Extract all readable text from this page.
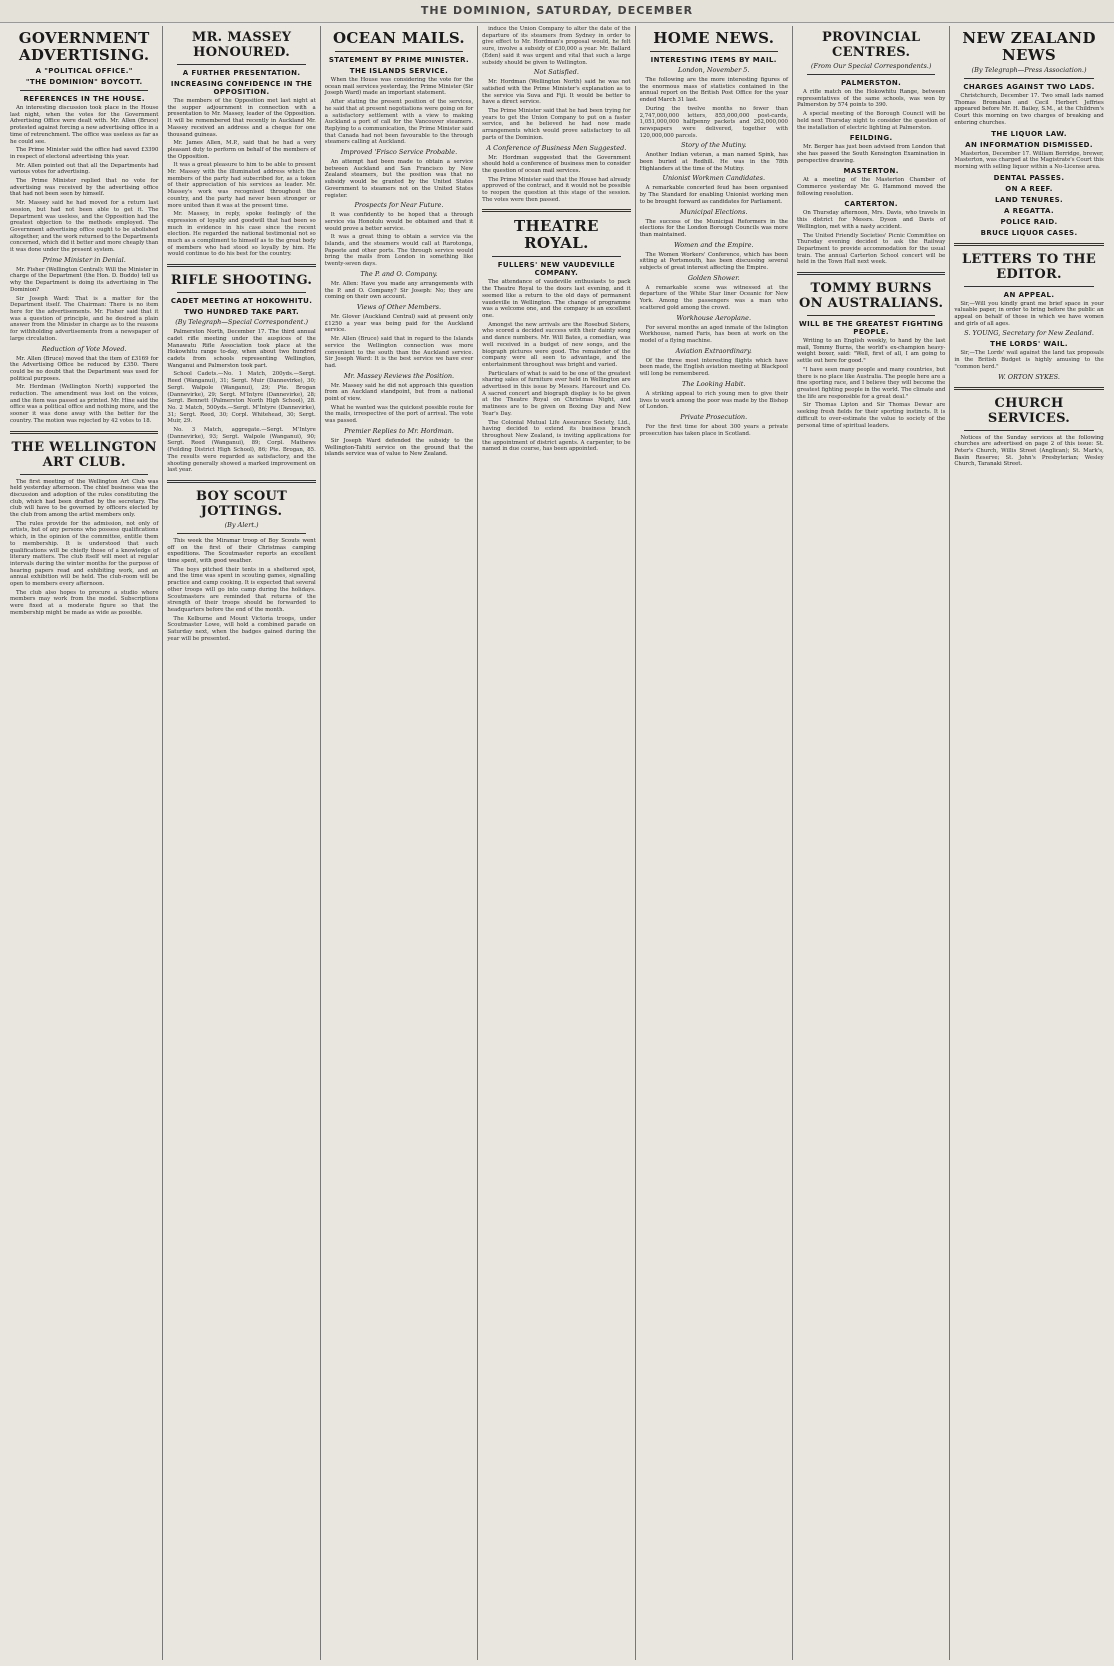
THE DOMINION, SATURDAY, DECEMBER
GOVERNMENT ADVERTISING.
A "POLITICAL OFFICE."
"THE DOMINION" BOYCOTT.
REFERENCES IN THE HOUSE.

An interesting discussion took place in the House last night, when the votes for the Government Advertising Office were dealt with. Mr. Allen (Bruce) protested against forcing a new advertising office in a time of retrenchment. The office was useless as far as he could see.

The Prime Minister said the office had saved £3390 in respect of electoral advertising this year.

Mr. Allen pointed out that all the Departments had various votes for advertising.

The Prime Minister replied that no vote for advertising was received by the advertising office that had not been seen by himself.

Mr. Massey said he had moved for a return last session, but had not been able to get it. The Department was useless, and the Opposition had the greatest objection to the methods employed. The Government advertising office ought to be abolished altogether, and the work returned to the Departments concerned, which did it better and more cheaply than it was done under the present system.

Prime Minister in Denial.

Mr. Fisher (Wellington Central): Will the Minister in charge of the Department (the Hon. D. Buddo) tell us why the Department is doing its advertising in The Dominion?

Sir Joseph Ward: That is a matter for the Department itself. The Chairman: There is no item here for the advertisements. Mr. Fisher said that it was a question of principle, and he desired a plain answer from the Minister in charge as to the reasons for withholding advertisements from a newspaper of large circulation.

Reduction of Vote Moved.

Mr. Allen (Bruce) moved that the item of £3169 for the Advertising Office be reduced by £350. There could be no doubt that the Department was used for political purposes.

Mr. Herdman (Wellington North) supported the reduction. The amendment was lost on the voices, and the item was passed as printed. Mr. Hine said the office was a political office and nothing more, and the sooner it was done away with the better for the country. The motion was rejected by 42 votes to 18.

THE WELLINGTON ART CLUB.

The first meeting of the Wellington Art Club was held yesterday afternoon. The chief business was the discussion and adoption of the rules constituting the club, which had been drafted by the secretary. The club will have to be governed by officers elected by the club from among the artist members only.

The rules provide for the admission, not only of artists, but of any persons who possess qualifications which, in the opinion of the committee, entitle them to membership. It is understood that such qualifications will be chiefly those of a knowledge of literary matters. The club itself will meet at regular intervals during the winter months for the purpose of hearing papers read and exhibiting work, and an annual exhibition will be held. The club-room will be open to members every afternoon.

The club also hopes to procure a studio where members may work from the model. Subscriptions were fixed at a moderate figure so that the membership might be made as wide as possible.

MR. MASSEY HONOURED.
A FURTHER PRESENTATION.
INCREASING CONFIDENCE IN THE OPPOSITION.

The members of the Opposition met last night at the supper adjournment in connection with a presentation to Mr. Massey, leader of the Opposition. It will be remembered that recently in Auckland Mr. Massey received an address and a cheque for one thousand guineas.

Mr. James Allen, M.P., said that he had a very pleasant duty to perform on behalf of the members of the Opposition.

It was a great pleasure to him to be able to present Mr. Massey with the illuminated address which the members of the party had subscribed for, as a token of their appreciation of his services as leader. Mr. Massey's work was recognised throughout the country, and the party had never been stronger or more united than it was at the present time.

Mr. Massey, in reply, spoke feelingly of the expression of loyalty and goodwill that had been so much in evidence in his case since the recent election. He regarded the national testimonial not so much as a compliment to himself as to the great body of members who had stood so loyally by him. He would continue to do his best for the country.

RIFLE SHOOTING.
CADET MEETING AT HOKOWHITU.
TWO HUNDRED TAKE PART.
(By Telegraph—Special Correspondent.)

Palmerston North, December 17. The third annual cadet rifle meeting under the auspices of the Manawatu Rifle Association took place at the Hokowhitu range to-day, when about two hundred cadets from schools representing Wellington, Wanganui and Palmerston took part.

School Cadets.—No. 1 Match, 200yds.—Sergt. Reed (Wanganui), 31; Sergt. Muir (Dannevirke), 30; Sergt. Walpole (Wanganui), 29; Pte. Brogan (Dannevirke), 29; Sergt. M'Intyre (Dannevirke), 28; Sergt. Bennett (Palmerston North High School), 28. No. 2 Match, 500yds.—Sergt. M'Intyre (Dannevirke), 31; Sergt. Reed, 30; Corpl. Whitehead, 30; Sergt. Muir, 29.

No. 3 Match, aggregate.—Sergt. M'Intyre (Dannevirke), 93; Sergt. Walpole (Wanganui), 90; Sergt. Reed (Wanganui), 89; Corpl. Mathews (Feilding District High School), 86; Pte. Brogan, 85. The results were regarded as satisfactory, and the shooting generally showed a marked improvement on last year.

BOY SCOUT JOTTINGS.
(By Alert.)

This week the Miramar troop of Boy Scouts went off on the first of their Christmas camping expeditions. The Scoutmaster reports an excellent time spent, with good weather.

The boys pitched their tents in a sheltered spot, and the time was spent in scouting games, signalling practice and camp cooking. It is expected that several other troops will go into camp during the holidays. Scoutmasters are reminded that returns of the strength of their troops should be forwarded to headquarters before the end of the month.

The Kelburne and Mount Victoria troops, under Scoutmaster Lowe, will hold a combined parade on Saturday next, when the badges gained during the year will be presented.

OCEAN MAILS.
STATEMENT BY PRIME MINISTER.
THE ISLANDS SERVICE.

When the House was considering the vote for the ocean mail services yesterday, the Prime Minister (Sir Joseph Ward) made an important statement.

After stating the present position of the services, he said that at present negotiations were going on for a satisfactory settlement with a view to making Auckland a port of call for the Vancouver steamers. Replying to a communication, the Prime Minister said that Canada had not been favourable to the through steamers calling at Auckland.

Improved 'Frisco Service Probable.

An attempt had been made to obtain a service between Auckland and San Francisco by New Zealand steamers, but the position was that no subsidy would be granted by the United States Government to steamers not on the United States register.

Prospects for Near Future.

It was confidently to be hoped that a through service via Honolulu would be obtained and that it would prove a better service.

It was a great thing to obtain a service via the Islands, and the steamers would call at Rarotonga, Papeete and other ports. The through service would bring the mails from London in something like twenty-seven days.

The P. and O. Company.

Mr. Allen: Have you made any arrangements with the P. and O. Company? Sir Joseph: No; they are coming on their own account.

Views of Other Members.

Mr. Glover (Auckland Central) said at present only £1250 a year was being paid for the Auckland service.

Mr. Allen (Bruce) said that in regard to the Islands service the Wellington connection was more convenient to the south than the Auckland service. Sir Joseph Ward: It is the best service we have ever had.

Mr. Massey Reviews the Position.

Mr. Massey said he did not approach this question from an Auckland standpoint, but from a national point of view.

What he wanted was the quickest possible route for the mails, irrespective of the port of arrival. The vote was passed.

Premier Replies to Mr. Hordman.

Sir Joseph Ward defended the subsidy to the Wellington-Tahiti service on the ground that the islands service was of value to New Zealand.

induce the Union Company to alter the date of the departure of its steamers from Sydney in order to give effect to Mr. Hordman's proposal would, he felt sure, involve a subsidy of £30,000 a year. Mr. Ballard (Eden) said it was urgent and vital that such a large subsidy should be given to Wellington.

Not Satisfied.

Mr. Hordman (Wellington North) said he was not satisfied with the Prime Minister's explanation as to the service via Suva and Fiji. It would be better to have a direct service.

The Prime Minister said that he had been trying for years to get the Union Company to put on a faster service, and he believed he had now made arrangements which would prove satisfactory to all parts of the Dominion.

A Conference of Business Men Suggested.

Mr. Hordman suggested that the Government should hold a conference of business men to consider the question of ocean mail services.

The Prime Minister said that the House had already approved of the contract, and it would not be possible to reopen the question at this stage of the session. The votes were then passed.

THEATRE ROYAL.
FULLERS' NEW VAUDEVILLE COMPANY.

The attendance of vaudeville enthusiasts to pack the Theatre Royal to the doors last evening, and it seemed like a return to the old days of permanent vaudeville in Wellington. The change of programme was a welcome one, and the company is an excellent one.

Amongst the new arrivals are the Rosebud Sisters, who scored a decided success with their dainty song and dance numbers. Mr. Will Bates, a comedian, was well received in a budget of new songs, and the biograph pictures were good. The remainder of the company were all seen to advantage, and the entertainment throughout was bright and varied.

Particulars of what is said to be one of the greatest sharing sales of furniture ever held in Wellington are advertised in this issue by Messrs. Harcourt and Co. A sacred concert and biograph display is to be given at the Theatre Royal on Christmas Night, and matinees are to be given on Boxing Day and New Year's Day.

The Colonial Mutual Life Assurance Society, Ltd., having decided to extend its business branch throughout New Zealand, is inviting applications for the appointment of district agents. A carpenter, to be named in due course, has been appointed.

HOME NEWS.
INTERESTING ITEMS BY MAIL.
London, November 5.

The following are the more interesting figures of the enormous mass of statistics contained in the annual report on the British Post Office for the year ended March 31 last.

During the twelve months no fewer than 2,747,000,000 letters, 855,000,000 post-cards, 1,051,000,000 halfpenny packets and 262,000,000 newspapers were delivered, together with 120,000,000 parcels.

Story of the Mutiny.

Another Indian veteran, a man named Spink, has been buried at Redhill. He was in the 78th Highlanders at the time of the Mutiny.

Unionist Workmen Candidates.

A remarkable concerted feud has been organised by The Standard for enabling Unionist working men to be brought forward as candidates for Parliament.

Municipal Elections.

The success of the Municipal Reformers in the elections for the London Borough Councils was more than maintained.

Women and the Empire.

The Women Workers' Conference, which has been sitting at Portsmouth, has been discussing several subjects of great interest affecting the Empire.

Golden Shower.

A remarkable scene was witnessed at the departure of the White Star liner Oceanic for New York. Among the passengers was a man who scattered gold among the crowd.

Workhouse Aeroplane.

For several months an aged inmate of the Islington Workhouse, named Faris, has been at work on the model of a flying machine.

Aviation Extraordinary.

Of the three most interesting flights which have been made, the English aviation meeting at Blackpool will long be remembered.

The Looking Habit.

A striking appeal to rich young men to give their lives to work among the poor was made by the Bishop of London.

Private Prosecution.

For the first time for about 300 years a private prosecution has taken place in Scotland.

PROVINCIAL CENTRES.
(From Our Special Correspondents.)
PALMERSTON.

A rifle match on the Hokowhitu Range, between representatives of the same schools, was won by Palmerston by 574 points to 390.

A special meeting of the Borough Council will be held next Thursday night to consider the question of the installation of electric lighting at Palmerston.

FEILDING.

Mr. Berger has just been advised from London that she has passed the South Kensington Examination in perspective drawing.

MASTERTON.

At a meeting of the Masterton Chamber of Commerce yesterday Mr. G. Hammond moved the following resolution.

CARTERTON.

On Thursday afternoon, Mrs. Davis, who travels in this district for Messrs. Dyson and Davis of Wellington, met with a nasty accident.

The United Friendly Societies' Picnic Committee on Thursday evening decided to ask the Railway Department to provide accommodation for the usual train. The annual Carterton School concert will be held in the Town Hall next week.

TOMMY BURNS ON AUSTRALIANS.
WILL BE THE GREATEST FIGHTING PEOPLE.

Writing to an English weekly, to hand by the last mail, Tommy Burns, the world's ex-champion heavy-weight boxer, said: "Well, first of all, I am going to settle out here for good."

"I have seen many people and many countries, but there is no place like Australia. The people here are a fine sporting race, and I believe they will become the greatest fighting people in the world. The climate and the life are responsible for a great deal."

Sir Thomas Lipton and Sir Thomas Dewar are seeking fresh fields for their sporting instincts. It is difficult to over-estimate the value to society of the personal time of spiritual leaders.

NEW ZEALAND NEWS
(By Telegraph—Press Association.)
CHARGES AGAINST TWO LADS.

Christchurch, December 17. Two small lads named Thomas Bromahan and Cecil Herbert Jeffries appeared before Mr. H. Bailey, S.M., at the Children's Court this morning on two charges of breaking and entering churches.

THE LIQUOR LAW.
AN INFORMATION DISMISSED.

Masterton, December 17. William Berridge, brewer, Masterton, was charged at the Magistrate's Court this morning with selling liquor within a No-License area.

DENTAL PASSES.
ON A REEF.
LAND TENURES.
A REGATTA.
POLICE RAID.
BRUCE LIQUOR CASES.
LETTERS TO THE EDITOR.
AN APPEAL.

Sir,—Will you kindly grant me brief space in your valuable paper, in order to bring before the public an appeal on behalf of those in which we have women and girls of all ages.

S. YOUNG, Secretary for New Zealand.
THE LORDS' WAIL.

Sir,—The Lords' wail against the land tax proposals in the British Budget is highly amusing to the "common herd."

W. ORTON SYKES.
CHURCH SERVICES.

Notices of the Sunday services at the following churches are advertised on page 2 of this issue: St. Peter's Church, Willis Street (Anglican); St. Mark's, Basin Reserve; St. John's Presbyterian; Wesley Church, Taranaki Street.
